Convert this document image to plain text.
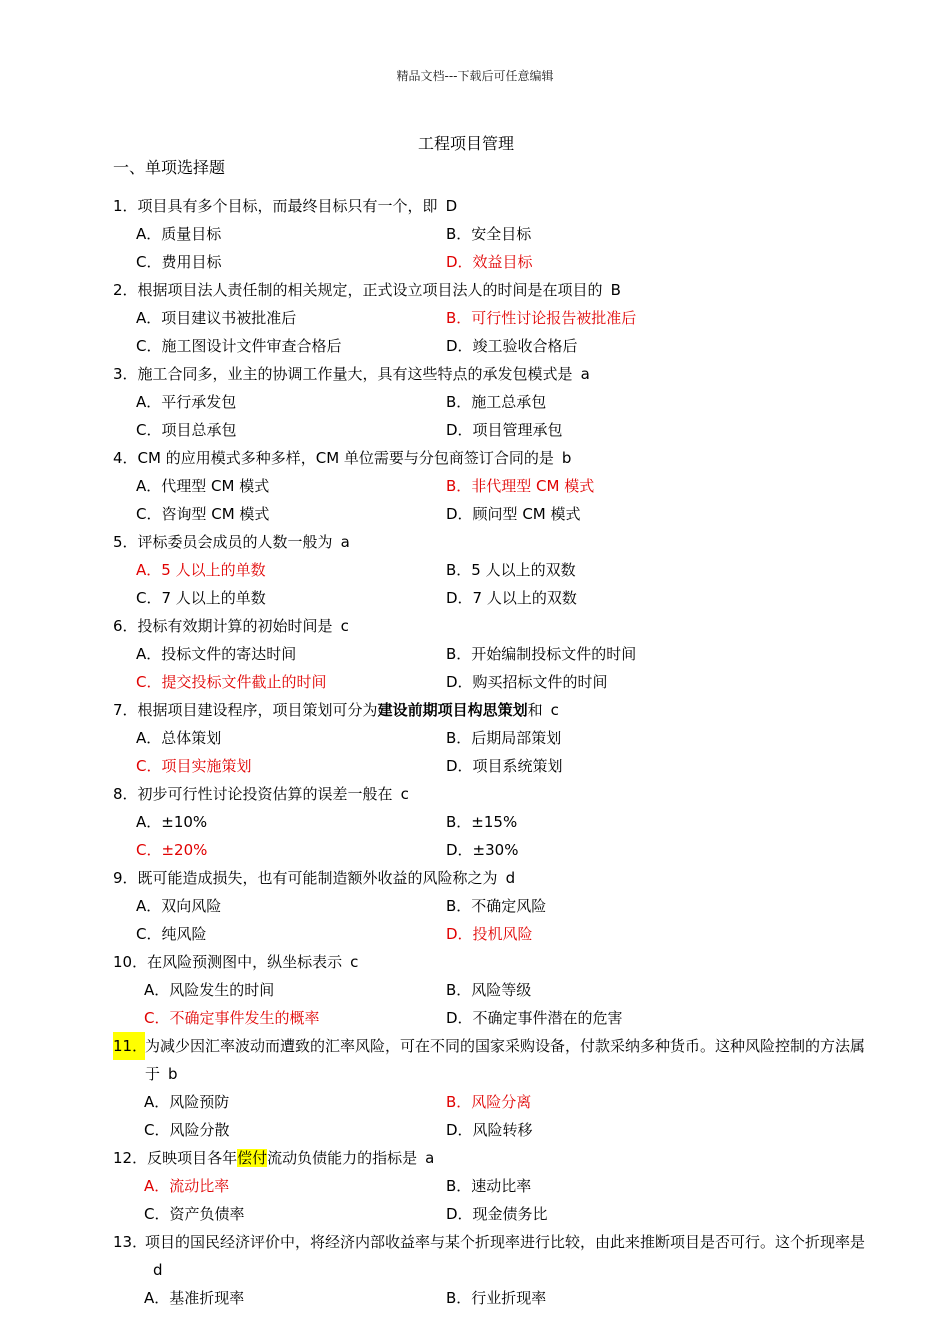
精品文档---下载后可任意编辑
工程项目管理
一、单项选择题
1．项目具有多个目标，而最终目标只有一个，即 D
A．质量目标	B．安全目标
C．费用目标	D．效益目标
2．根据项目法人责任制的相关规定，正式设立项目法人的时间是在项目的 B
A．项目建议书被批准后	B．可行性讨论报告被批准后
C．施工图设计文件审查合格后	D．竣工验收合格后
3．施工合同多，业主的协调工作量大，具有这些特点的承发包模式是 a
A．平行承发包	B．施工总承包
C．项目总承包	D．项目管理承包
4．CM 的应用模式多种多样，CM 单位需要与分包商签订合同的是 b
A．代理型 CM 模式	B．非代理型 CM 模式
C．咨询型 CM 模式	D．顾问型 CM 模式
5．评标委员会成员的人数一般为 a
A．5 人以上的单数	B．5 人以上的双数
C．7 人以上的单数	D．7 人以上的双数
6．投标有效期计算的初始时间是 c
A．投标文件的寄达时间	B．开始编制投标文件的时间
C．提交投标文件截止的时间	D．购买招标文件的时间
7．根据项目建设程序，项目策划可分为建设前期项目构思策划和 c
A．总体策划	B．后期局部策划
C．项目实施策划	D．项目系统策划
8．初步可行性讨论投资估算的误差一般在 c
A．±10%	B．±15%
C．±20%	D．±30%
9．既可能造成损失，也有可能制造额外收益的风险称之为 d
A．双向风险	B．不确定风险
C．纯风险	D．投机风险
10．在风险预测图中，纵坐标表示 c
A．风险发生的时间	B．风险等级
C．不确定事件发生的概率	D．不确定事件潜在的危害
11．为减少因汇率波动而遭致的汇率风险，可在不同的国家采购设备，付款采纳多种货币。这种风险控制的方法属于 b
A．风险预防	B．风险分离
C．风险分散	D．风险转移
12．反映项目各年偿付流动负债能力的指标是 a
A．流动比率	B．速动比率
C．资产负债率	D．现金债务比
13．项目的国民经济评价中，将经济内部收益率与某个折现率进行比较，由此来推断项目是否可行。这个折现率是d
A．基准折现率	B．行业折现率
